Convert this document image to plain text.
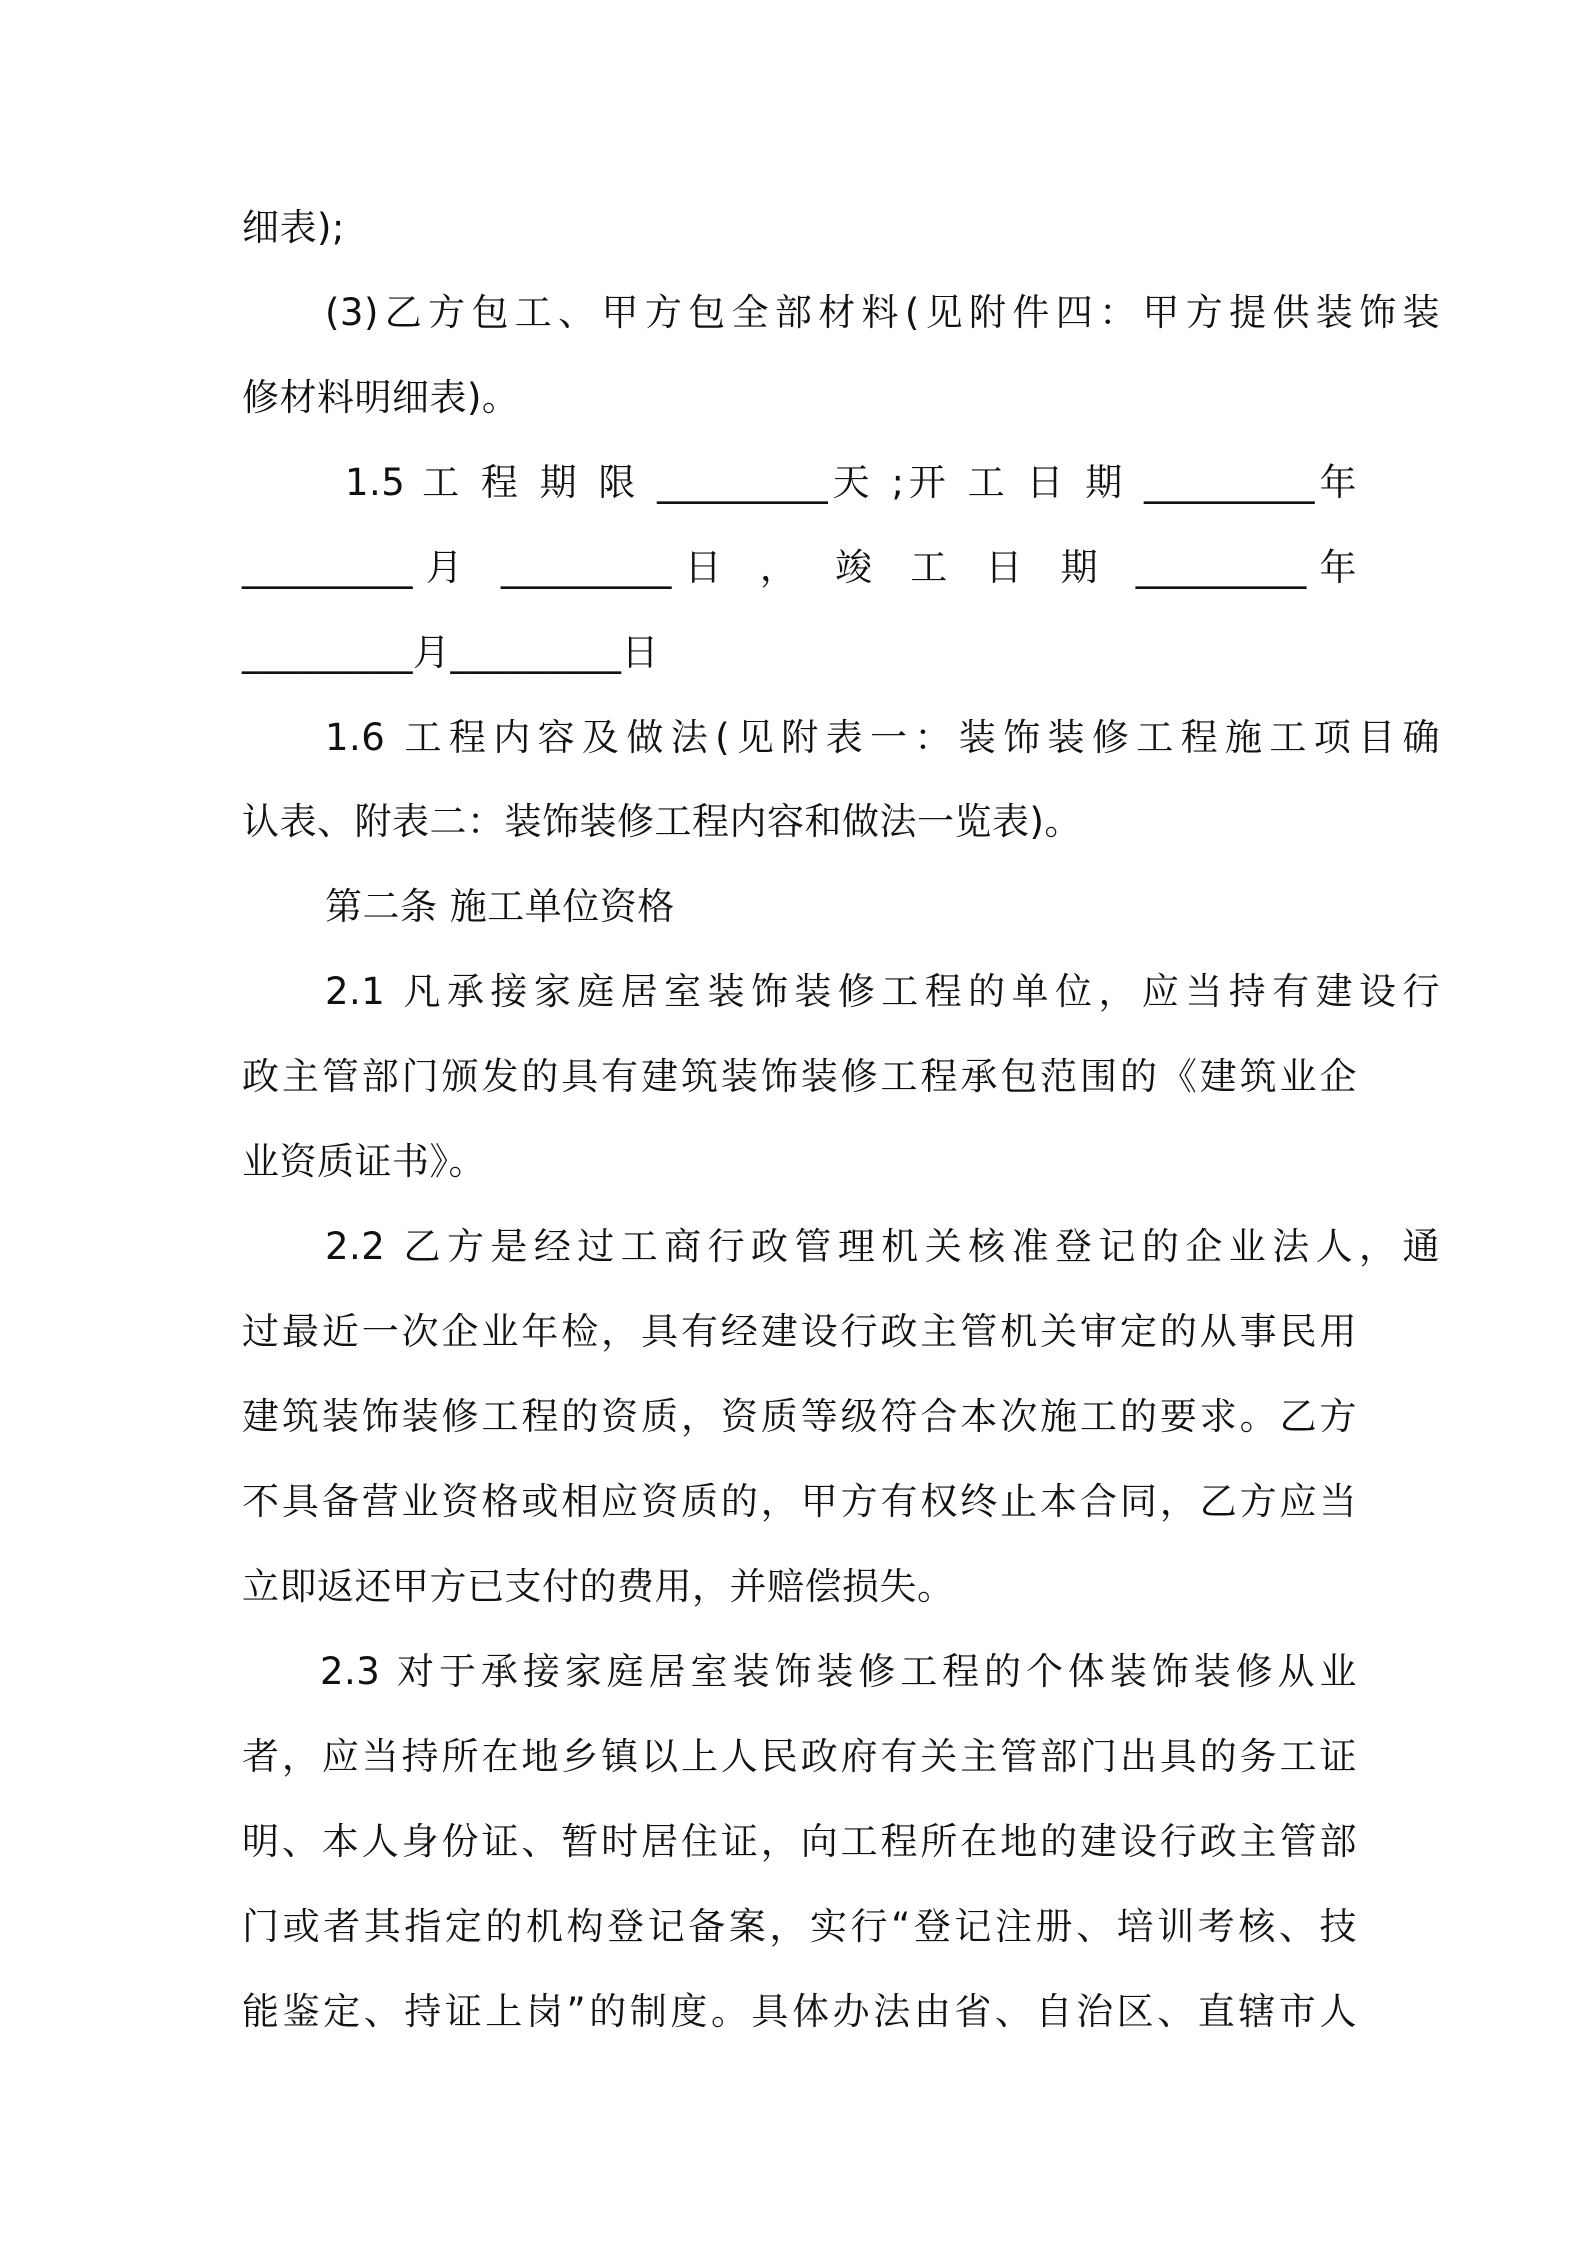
细表);
(3)乙方包工、甲方包全部材料(见附件四：甲方提供装饰装
修材料明细表)。
1.5 工 程 期 限 _________天 ;开 工 日 期 _________年
_________月 _________日 ， 竣 工 日 期 _________年
_________月_________日
1.6 工程内容及做法(见附表一：装饰装修工程施工项目确
认表、附表二：装饰装修工程内容和做法一览表)。
第二条 施工单位资格
2.1 凡承接家庭居室装饰装修工程的单位，应当持有建设行
政主管部门颁发的具有建筑装饰装修工程承包范围的《建筑业企
业资质证书》。
2.2 乙方是经过工商行政管理机关核准登记的企业法人，通
过最近一次企业年检，具有经建设行政主管机关审定的从事民用
建筑装饰装修工程的资质，资质等级符合本次施工的要求。乙方
不具备营业资格或相应资质的，甲方有权终止本合同，乙方应当
立即返还甲方已支付的费用，并赔偿损失。
2.3 对于承接家庭居室装饰装修工程的个体装饰装修从业
者，应当持所在地乡镇以上人民政府有关主管部门出具的务工证
明、本人身份证、暂时居住证，向工程所在地的建设行政主管部
门或者其指定的机构登记备案，实行“登记注册、培训考核、技
能鉴定、持证上岗”的制度。具体办法由省、自治区、直辖市人
